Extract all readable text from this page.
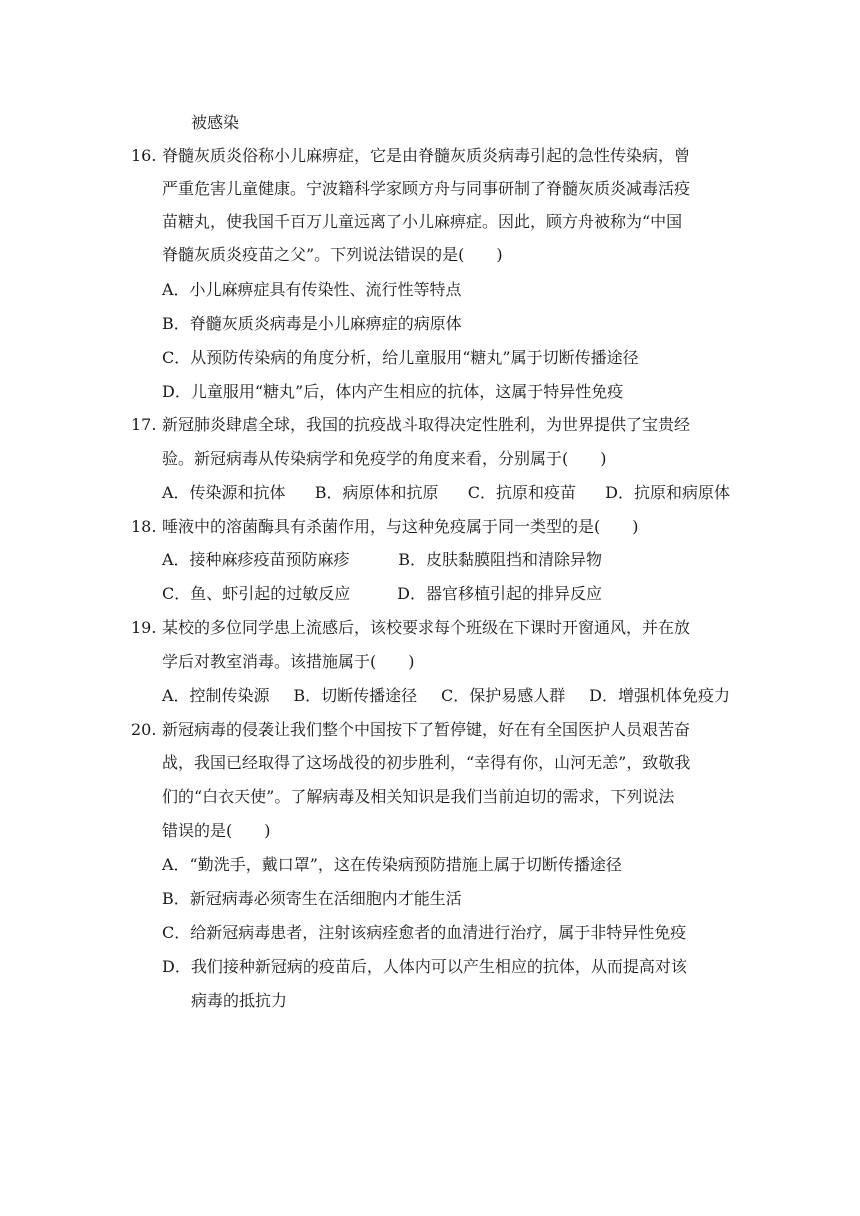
被感染
16. 脊髓灰质炎俗称小儿麻痹症，它是由脊髓灰质炎病毒引起的急性传染病，曾
严重危害儿童健康。宁波籍科学家顾方舟与同事研制了脊髓灰质炎减毒活疫
苗糖丸，使我国千百万儿童远离了小儿麻痹症。因此，顾方舟被称为“中国
脊髓灰质炎疫苗之父”。下列说法错误的是(　　)
A．小儿麻痹症具有传染性、流行性等特点
B．脊髓灰质炎病毒是小儿麻痹症的病原体
C．从预防传染病的角度分析，给儿童服用“糖丸”属于切断传播途径
D．儿童服用“糖丸”后，体内产生相应的抗体，这属于特异性免疫
17. 新冠肺炎肆虐全球，我国的抗疫战斗取得决定性胜利，为世界提供了宝贵经
验。新冠病毒从传染病学和免疫学的角度来看，分别属于(　　)
A．传染源和抗体 B．病原体和抗原 C．抗原和疫苗 D．抗原和病原体
18. 唾液中的溶菌酶具有杀菌作用，与这种免疫属于同一类型的是(　　)
A．接种麻疹疫苗预防麻疹	B．皮肤黏膜阻挡和清除异物
C．鱼、虾引起的过敏反应	D．器官移植引起的排异反应
19. 某校的多位同学患上流感后，该校要求每个班级在下课时开窗通风，并在放
学后对教室消毒。该措施属于(　　)
A．控制传染源 B．切断传播途径 C．保护易感人群 D．增强机体免疫力
20. 新冠病毒的侵袭让我们整个中国按下了暂停键，好在有全国医护人员艰苦奋
战，我国已经取得了这场战役的初步胜利，“幸得有你，山河无恙”，致敬我
们的“白衣天使”。了解病毒及相关知识是我们当前迫切的需求，下列说法
错误的是(　　)
A．“勤洗手，戴口罩”，这在传染病预防措施上属于切断传播途径
B．新冠病毒必须寄生在活细胞内才能生活
C．给新冠病毒患者，注射该病痊愈者的血清进行治疗，属于非特异性免疫
D．我们接种新冠病的疫苗后，人体内可以产生相应的抗体，从而提高对该
病毒的抵抗力
